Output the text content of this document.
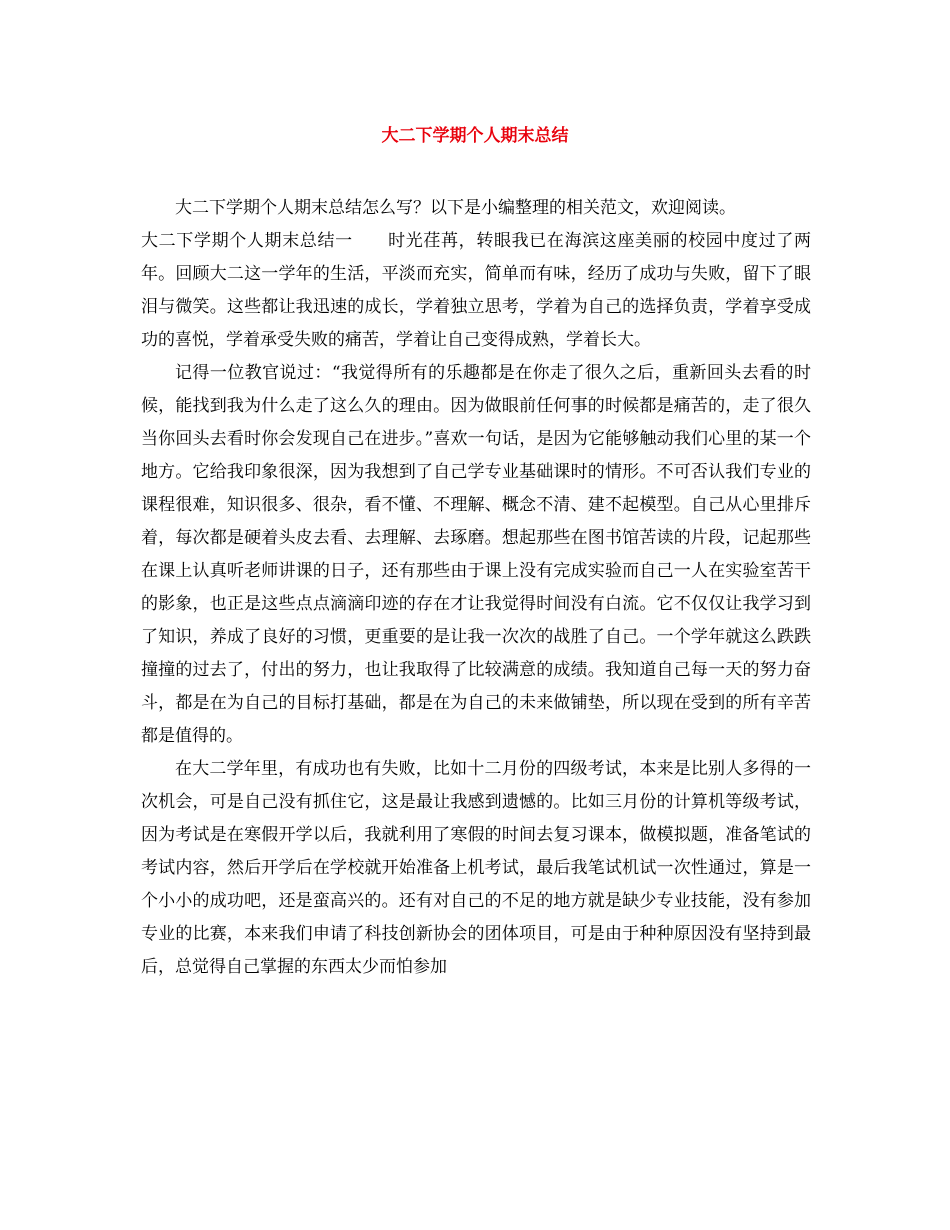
大二下学期个人期末总结

大二下学期个人期末总结怎么写？以下是小编整理的相关范文，欢迎阅读。

大二下学期个人期末总结一　　时光荏苒，转眼我已在海滨这座美丽的校园中度过了两年。回顾大二这一学年的生活，平淡而充实，简单而有味，经历了成功与失败，留下了眼泪与微笑。这些都让我迅速的成长，学着独立思考，学着为自己的选择负责，学着享受成功的喜悦，学着承受失败的痛苦，学着让自己变得成熟，学着长大。

记得一位教官说过：“我觉得所有的乐趣都是在你走了很久之后，重新回头去看的时候，能找到我为什么走了这么久的理由。因为做眼前任何事的时候都是痛苦的，走了很久当你回头去看时你会发现自己在进步。”喜欢一句话，是因为它能够触动我们心里的某一个地方。它给我印象很深，因为我想到了自己学专业基础课时的情形。不可否认我们专业的课程很难，知识很多、很杂，看不懂、不理解、概念不清、建不起模型。自己从心里排斥着，每次都是硬着头皮去看、去理解、去琢磨。想起那些在图书馆苦读的片段，记起那些在课上认真听老师讲课的日子，还有那些由于课上没有完成实验而自己一人在实验室苦干的影象，也正是这些点点滴滴印迹的存在才让我觉得时间没有白流。它不仅仅让我学习到了知识，养成了良好的习惯，更重要的是让我一次次的战胜了自己。一个学年就这么跌跌撞撞的过去了，付出的努力，也让我取得了比较满意的成绩。我知道自己每一天的努力奋斗，都是在为自己的目标打基础，都是在为自己的未来做铺垫，所以现在受到的所有辛苦都是值得的。

在大二学年里，有成功也有失败，比如十二月份的四级考试，本来是比别人多得的一次机会，可是自己没有抓住它，这是最让我感到遗憾的。比如三月份的计算机等级考试，因为考试是在寒假开学以后，我就利用了寒假的时间去复习课本，做模拟题，准备笔试的考试内容，然后开学后在学校就开始准备上机考试，最后我笔试机试一次性通过，算是一个小小的成功吧，还是蛮高兴的。还有对自己的不足的地方就是缺少专业技能，没有参加专业的比赛，本来我们申请了科技创新协会的团体项目，可是由于种种原因没有坚持到最后，总觉得自己掌握的东西太少而怕参加
